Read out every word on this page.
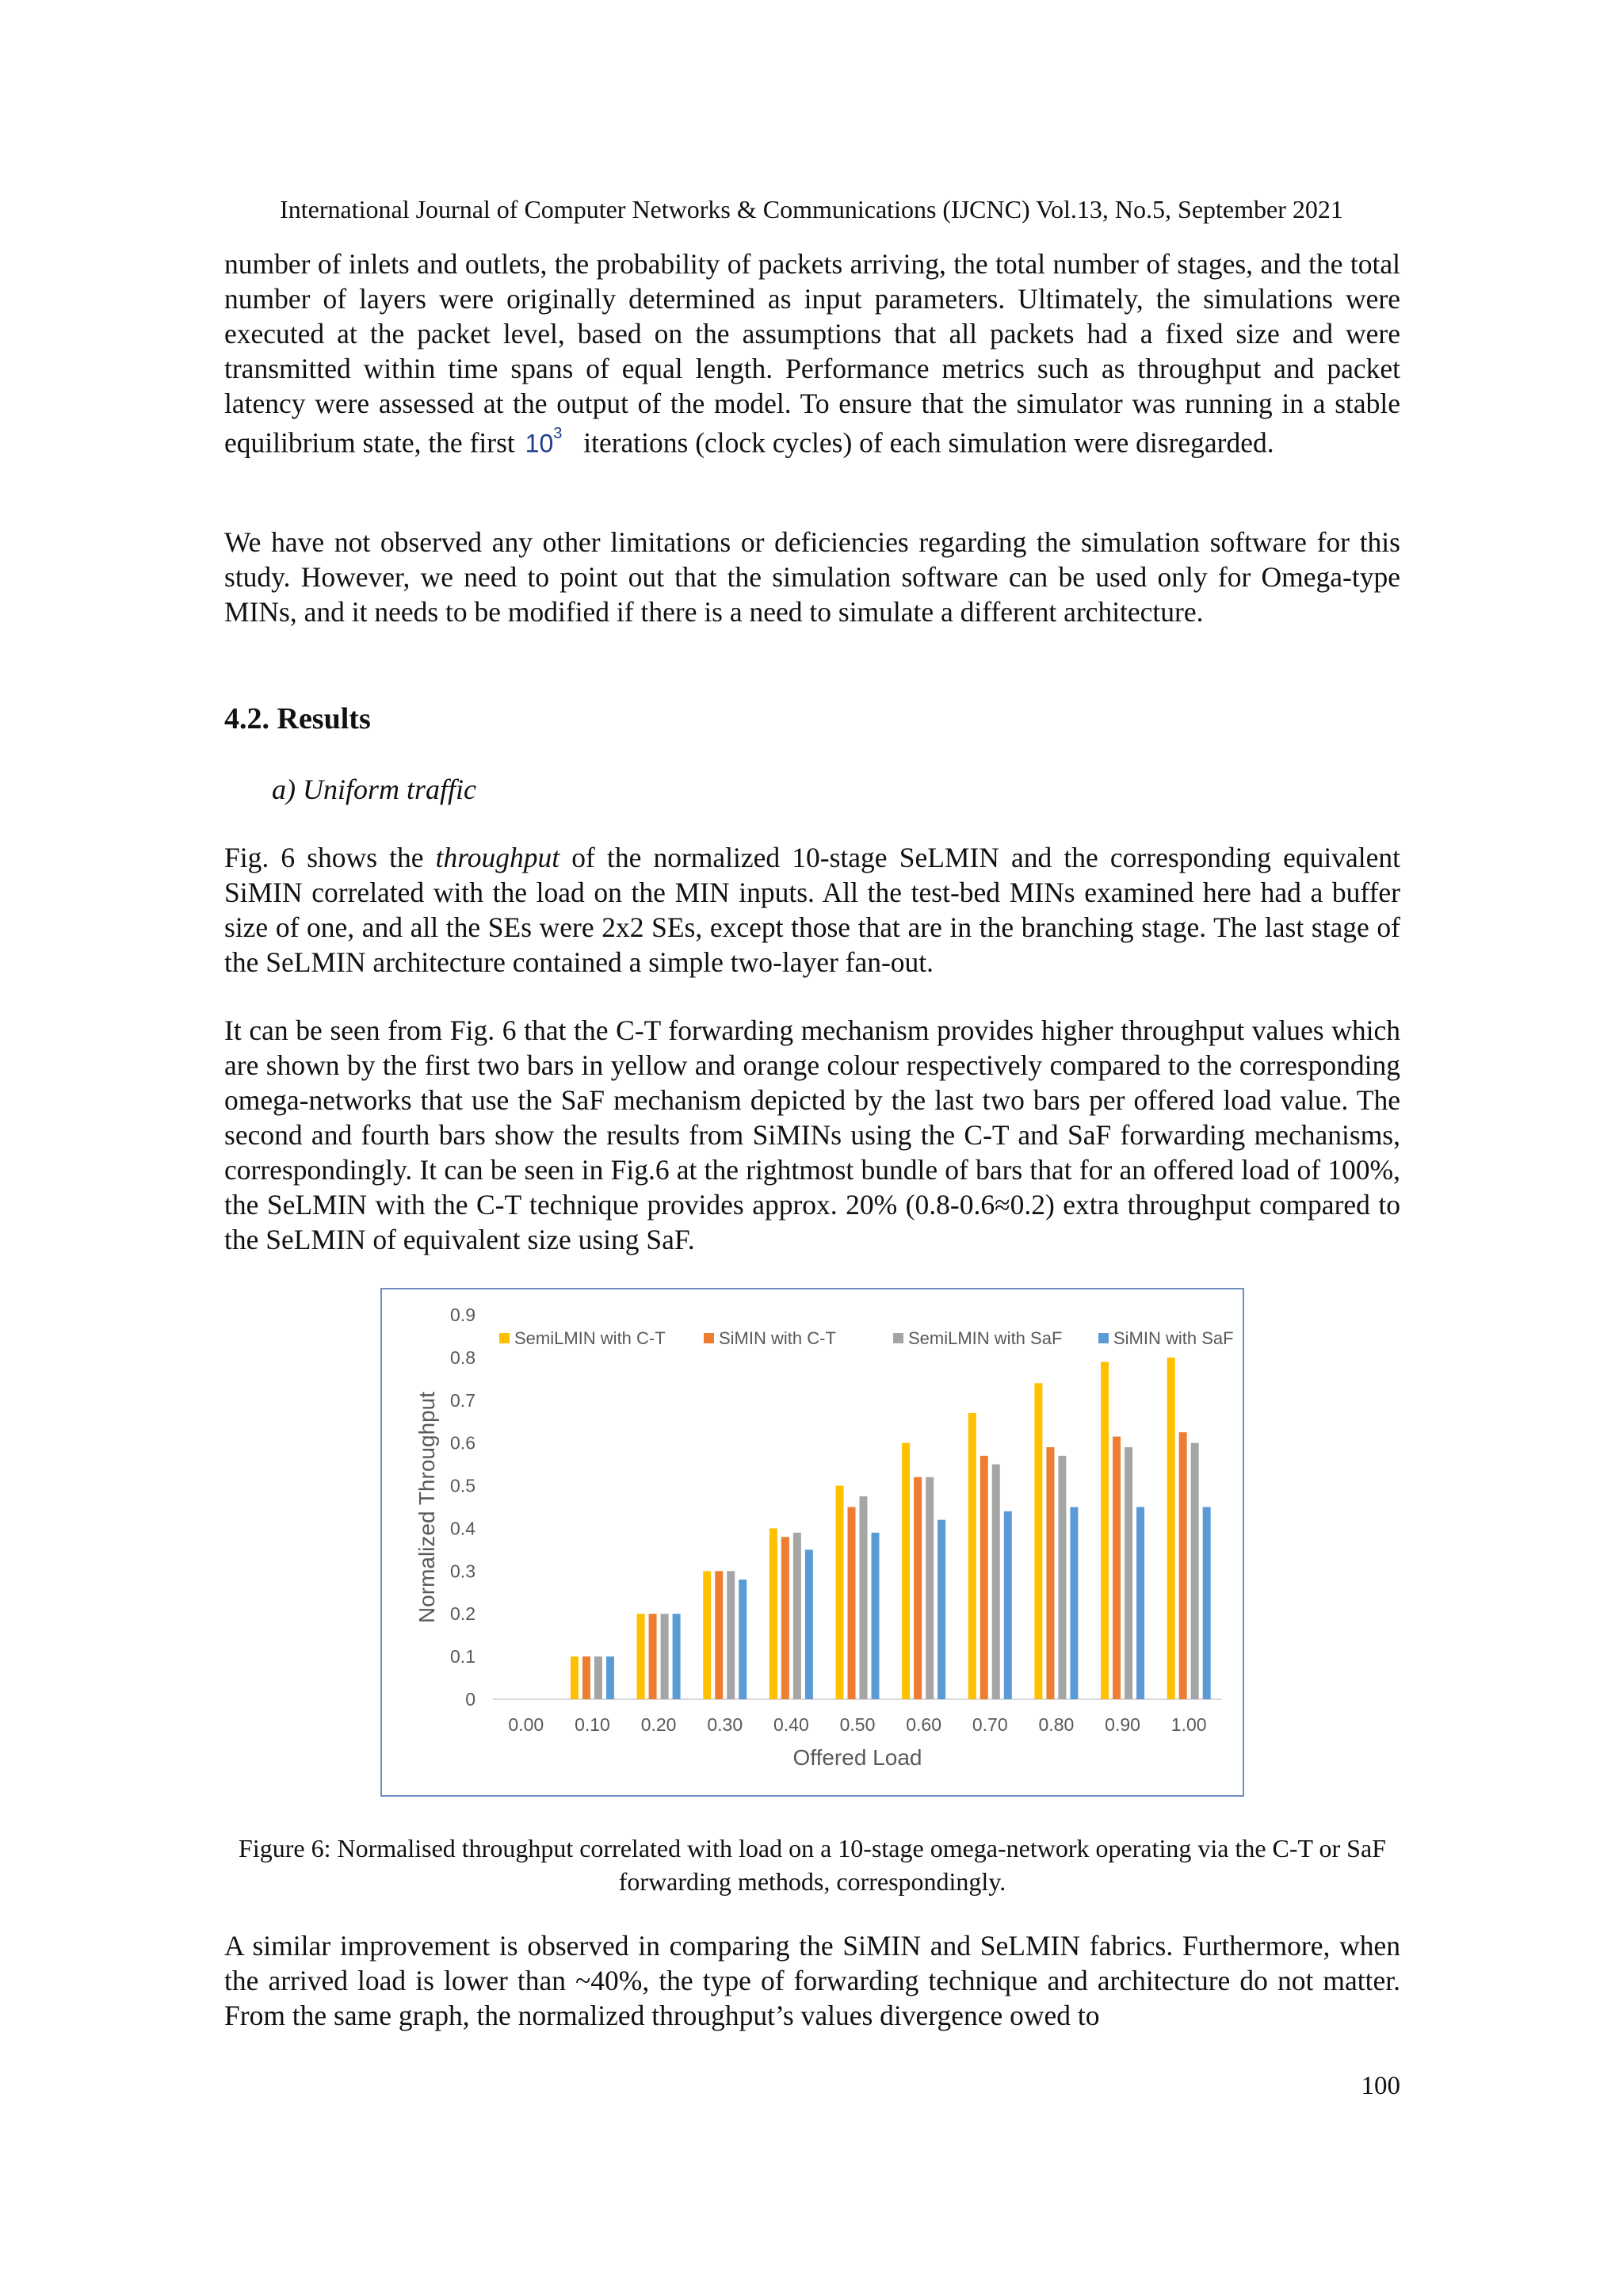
International Journal of Computer Networks & Communications (IJCNC) Vol.13, No.5, September 2021

number of inlets and outlets, the probability of packets arriving, the total number of stages, and the total number of layers were originally determined as input parameters. Ultimately, the simulations were executed at the packet level, based on the assumptions that all packets had a fixed size and were transmitted within time spans of equal length. Performance metrics such as throughput and packet latency were assessed at the output of the model. To ensure that the simulator was running in a stable equilibrium state, the first $10^3$ iterations (clock cycles) of each simulation were disregarded.

We have not observed any other limitations or deficiencies regarding the simulation software for this study. However, we need to point out that the simulation software can be used only for Omega-type MINs, and it needs to be modified if there is a need to simulate a different architecture.

4.2. Results
a) Uniform traffic

Fig. 6 shows the throughput of the normalized 10-stage SeLMIN and the corresponding equivalent SiMIN correlated with the load on the MIN inputs. All the test-bed MINs examined here had a buffer size of one, and all the SEs were 2x2 SEs, except those that are in the branching stage. The last stage of the SeLMIN architecture contained a simple two-layer fan-out.

It can be seen from Fig. 6 that the C-T forwarding mechanism provides higher throughput values which are shown by the first two bars in yellow and orange colour respectively compared to the corresponding omega-networks that use the SaF mechanism depicted by the last two bars per offered load value. The second and fourth bars show the results from SiMINs using the C-T and SaF forwarding mechanisms, correspondingly. It can be seen in Fig.6 at the rightmost bundle of bars that for an offered load of 100%, the SeLMIN with the C-T technique provides approx. 20% (0.8-0.6≈0.2) extra throughput compared to the SeLMIN of equivalent size using SaF.

0
0.1
0.2
0.3
0.4
0.5
0.6
0.7
0.8
0.9
0.00 0.10 0.20 0.30 0.40 0.50 0.60 0.70 0.80 0.90 1.00
SemiLMIN with C-T	SiMIN with C-T	SemiLMIN with SaF	SiMIN with SaF
Offered Load
Normalized Throughput
Figure 6: Normalised throughput correlated with load on a 10-stage omega-network operating via the C-T or SaF forwarding methods, correspondingly.

A similar improvement is observed in comparing the SiMIN and SeLMIN fabrics. Furthermore, when the arrived load is lower than ~40%, the type of forwarding technique and architecture do not matter. From the same graph, the normalized throughput’s values divergence owed to

100
